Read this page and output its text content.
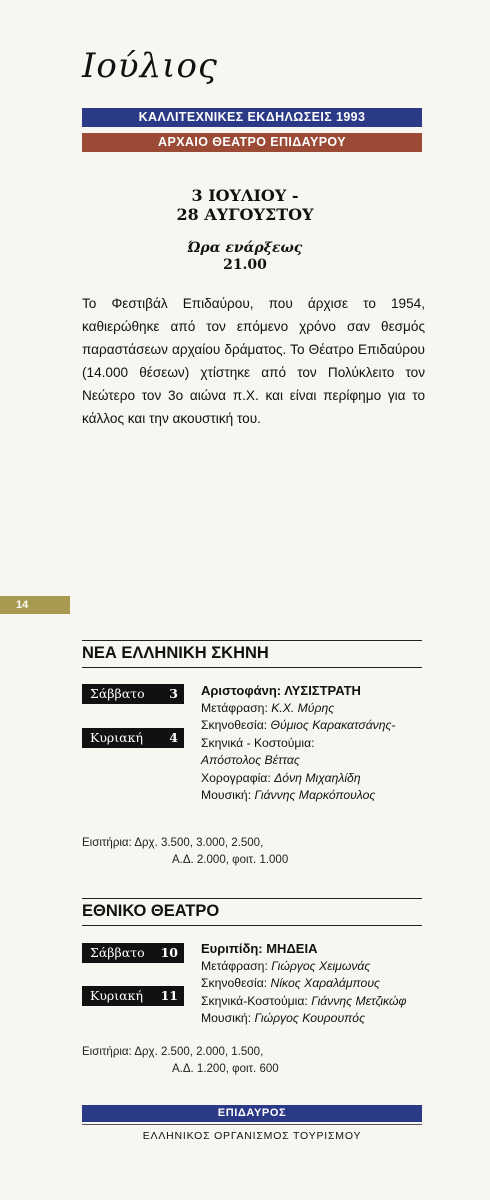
Ιούλιος
ΚΑΛΛΙΤΕΧΝΙΚΕΣ ΕΚΔΗΛΩΣΕΙΣ 1993
ΑΡΧΑΙΟ ΘΕΑΤΡΟ ΕΠΙΔΑΥΡΟΥ
3 ΙΟΥΛΙΟΥ -
28 ΑΥΓΟΥΣΤΟΥ
Ώρα ενάρξεως
21.00
Το Φεστιβάλ Επιδαύρου, που άρχισε το 1954, καθιερώθηκε από τον επόμενο χρόνο σαν θεσμός παραστάσεων αρχαίου δράματος. Το Θέατρο Επιδαύρου (14.000 θέσεων) χτίστηκε από τον Πολύκλειτο τον Νεώτερο τον 3ο αιώνα π.Χ. και είναι περίφημο για το κάλλος και την ακουστική του.
14
ΝΕΑ ΕΛΛΗΝΙΚΗ ΣΚΗΝΗ
Σάββατο 3
Κυριακή 4
Αριστοφάνη: ΛΥΣΙΣΤΡΑΤΗ
Μετάφραση: Κ.Χ. Μύρης
Σκηνοθεσία: Θύμιος Καρακατσάνης-
Σκηνικά - Κοστούμια:
Απόστολος Βέττας
Χορογραφία: Δόνη Μιχαηλίδη
Μουσική: Γιάννης Μαρκόπουλος
Εισιτήρια: Δρχ. 3.500, 3.000, 2.500,
Α.Δ. 2.000, φοιτ. 1.000
ΕΘΝΙΚΟ ΘΕΑΤΡΟ
Σάββατο 10
Κυριακή 11
Ευριπίδη: ΜΗΔΕΙΑ
Μετάφραση: Γιώργος Χειμωνάς
Σκηνοθεσία: Νίκος Χαραλάμπους
Σκηνικά-Κοστούμια: Γιάννης Μετζικώφ
Μουσική: Γιώργος Κουρουπός
Εισιτήρια: Δρχ. 2.500, 2.000, 1.500,
Α.Δ. 1.200, φοιτ. 600
ΕΠΙΔΑΥΡΟΣ
ΕΛΛΗΝΙΚΟΣ ΟΡΓΑΝΙΣΜΟΣ ΤΟΥΡΙΣΜΟΥ
